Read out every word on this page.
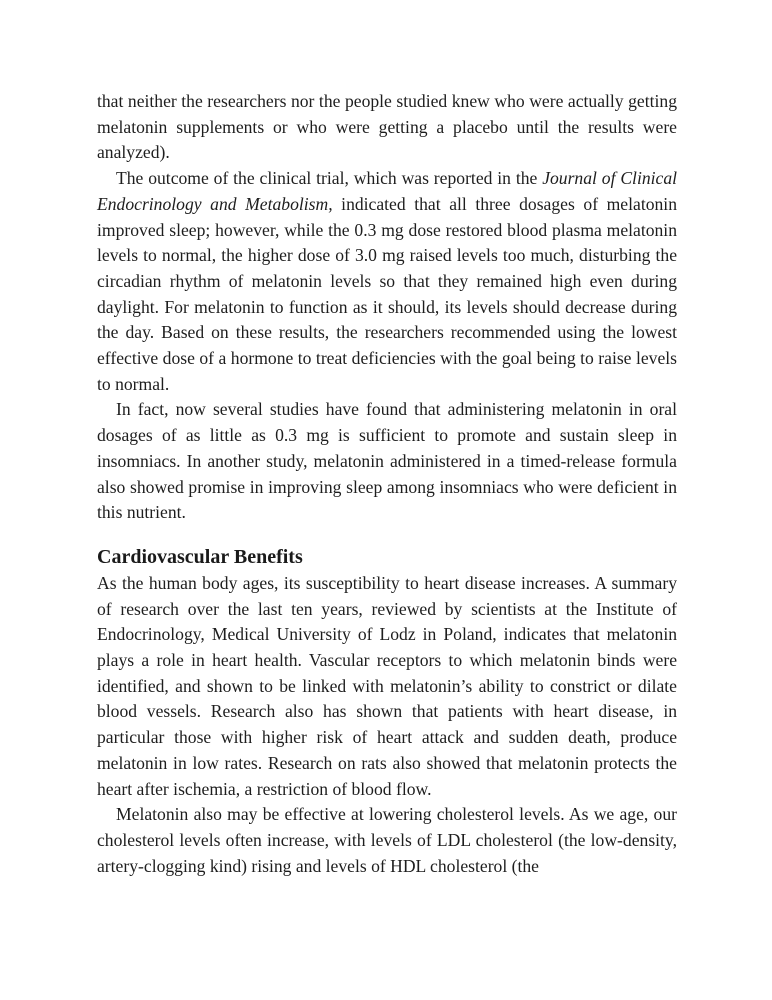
that neither the researchers nor the people studied knew who were actually getting melatonin supplements or who were getting a placebo until the results were analyzed).

The outcome of the clinical trial, which was reported in the Journal of Clinical Endocrinology and Metabolism, indicated that all three dosages of melatonin improved sleep; however, while the 0.3 mg dose restored blood plasma melatonin levels to normal, the higher dose of 3.0 mg raised levels too much, disturbing the circadian rhythm of melatonin levels so that they remained high even during daylight. For melatonin to function as it should, its levels should decrease during the day. Based on these results, the researchers recommended using the lowest effective dose of a hormone to treat deficiencies with the goal being to raise levels to normal.

In fact, now several studies have found that administering melatonin in oral dosages of as little as 0.3 mg is sufficient to promote and sustain sleep in insomniacs. In another study, melatonin administered in a timed-release formula also showed promise in improving sleep among insomniacs who were deficient in this nutrient.

Cardiovascular Benefits

As the human body ages, its susceptibility to heart disease increases. A summary of research over the last ten years, reviewed by scientists at the Institute of Endocrinology, Medical University of Lodz in Poland, indicates that melatonin plays a role in heart health. Vascular receptors to which melatonin binds were identified, and shown to be linked with melatonin’s ability to constrict or dilate blood vessels. Research also has shown that patients with heart disease, in particular those with higher risk of heart attack and sudden death, produce melatonin in low rates. Research on rats also showed that melatonin protects the heart after ischemia, a restriction of blood flow.

Melatonin also may be effective at lowering cholesterol levels. As we age, our cholesterol levels often increase, with levels of LDL cholesterol (the low-density, artery-clogging kind) rising and levels of HDL cholesterol (the
